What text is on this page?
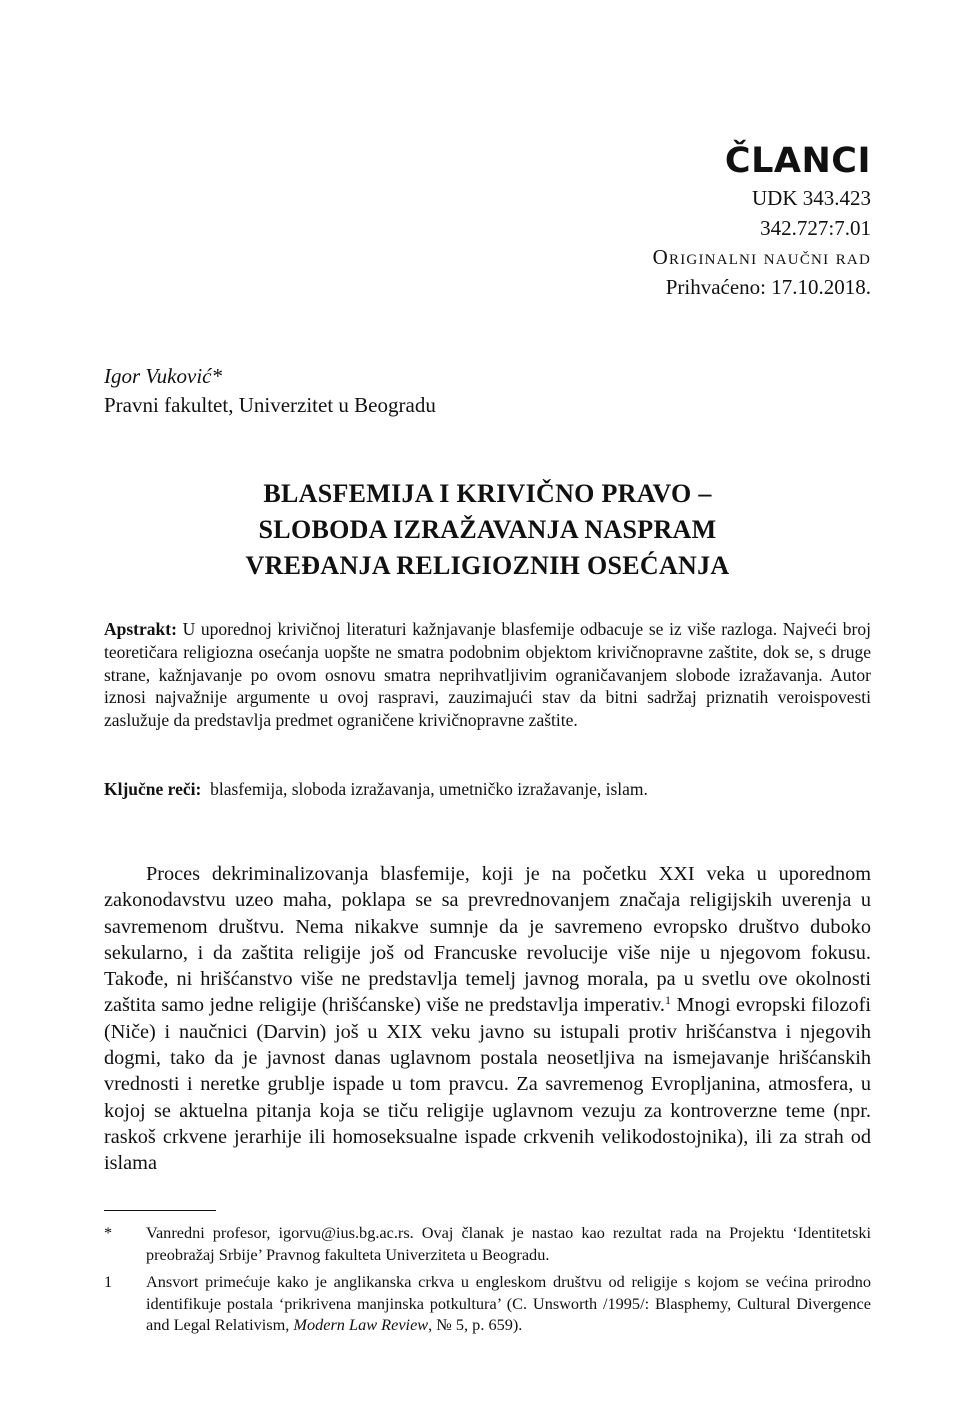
ČLANCI
UDK 343.423
342.727:7.01
Originalni naučni rad
Prihvaćeno: 17.10.2018.
Igor Vuković*
Pravni fakultet, Univerzitet u Beogradu
BLASFEMIJA I KRIVIČNO PRAVO –
SLOBODA IZRAŽAVANJA NASPRAM
VREĐANJA RELIGIOZNIH OSEĆANJA
Apstrakt: U uporednoj krivičnoj literaturi kažnjavanje blasfemije odbacuje se iz više razloga. Najveći broj teoretičara religiozna osećanja uopšte ne smatra podobnim objektom krivičnopravne zaštite, dok se, s druge strane, kažnjavanje po ovom osnovu smatra neprihvatljivim ograničavanjem slobode izražavanja. Autor iznosi najvažnije argumente u ovoj raspravi, zauzimajući stav da bitni sadržaj priznatih veroispovesti zaslužuje da predstavlja predmet ograničene krivičnopravne zaštite.
Ključne reči:  blasfemija, sloboda izražavanja, umetničko izražavanje, islam.
Proces dekriminalizovanja blasfemije, koji je na početku XXI veka u uporednom zakonodavstvu uzeo maha, poklapa se sa prevrednovanjem značaja religijskih uverenja u savremenom društvu. Nema nikakve sumnje da je savremeno evropsko društvo duboko sekularno, i da zaštita religije još od Francuske revolucije više nije u njegovom fokusu. Takođe, ni hrišćanstvo više ne predstavlja temelj javnog morala, pa u svetlu ove okolnosti zaštita samo jedne religije (hrišćanske) više ne predstavlja imperativ.$^1$ Mnogi evropski filozofi (Niče) i naučnici (Darvin) još u XIX veku javno su istupali protiv hrišćanstva i njegovih dogmi, tako da je javnost danas uglavnom postala neosetljiva na ismejavanje hrišćanskih vrednosti i neretke grublje ispade u tom pravcu. Za savremenog Evropljanina, atmosfera, u kojoj se aktuelna pitanja koja se tiču religije uglavnom vezuju za kontroverzne teme (npr. raskoš crkvene jerarhije ili homoseksualne ispade crkvenih velikodostojnika), ili za strah od islama
*	Vanredni profesor, igorvu@ius.bg.ac.rs. Ovaj članak je nastao kao rezultat rada na Projektu ‘Identitetski preobražaj Srbije’ Pravnog fakulteta Univerziteta u Beogradu.
1	Ansvort primećuje kako je anglikanska crkva u engleskom društvu od religije s kojom se većina prirodno identifikuje postala ‘prikrivena manjinska potkultura’ (C. Unsworth /1995/: Blasphemy, Cultural Divergence and Legal Relativism, Modern Law Review, № 5, p. 659).
